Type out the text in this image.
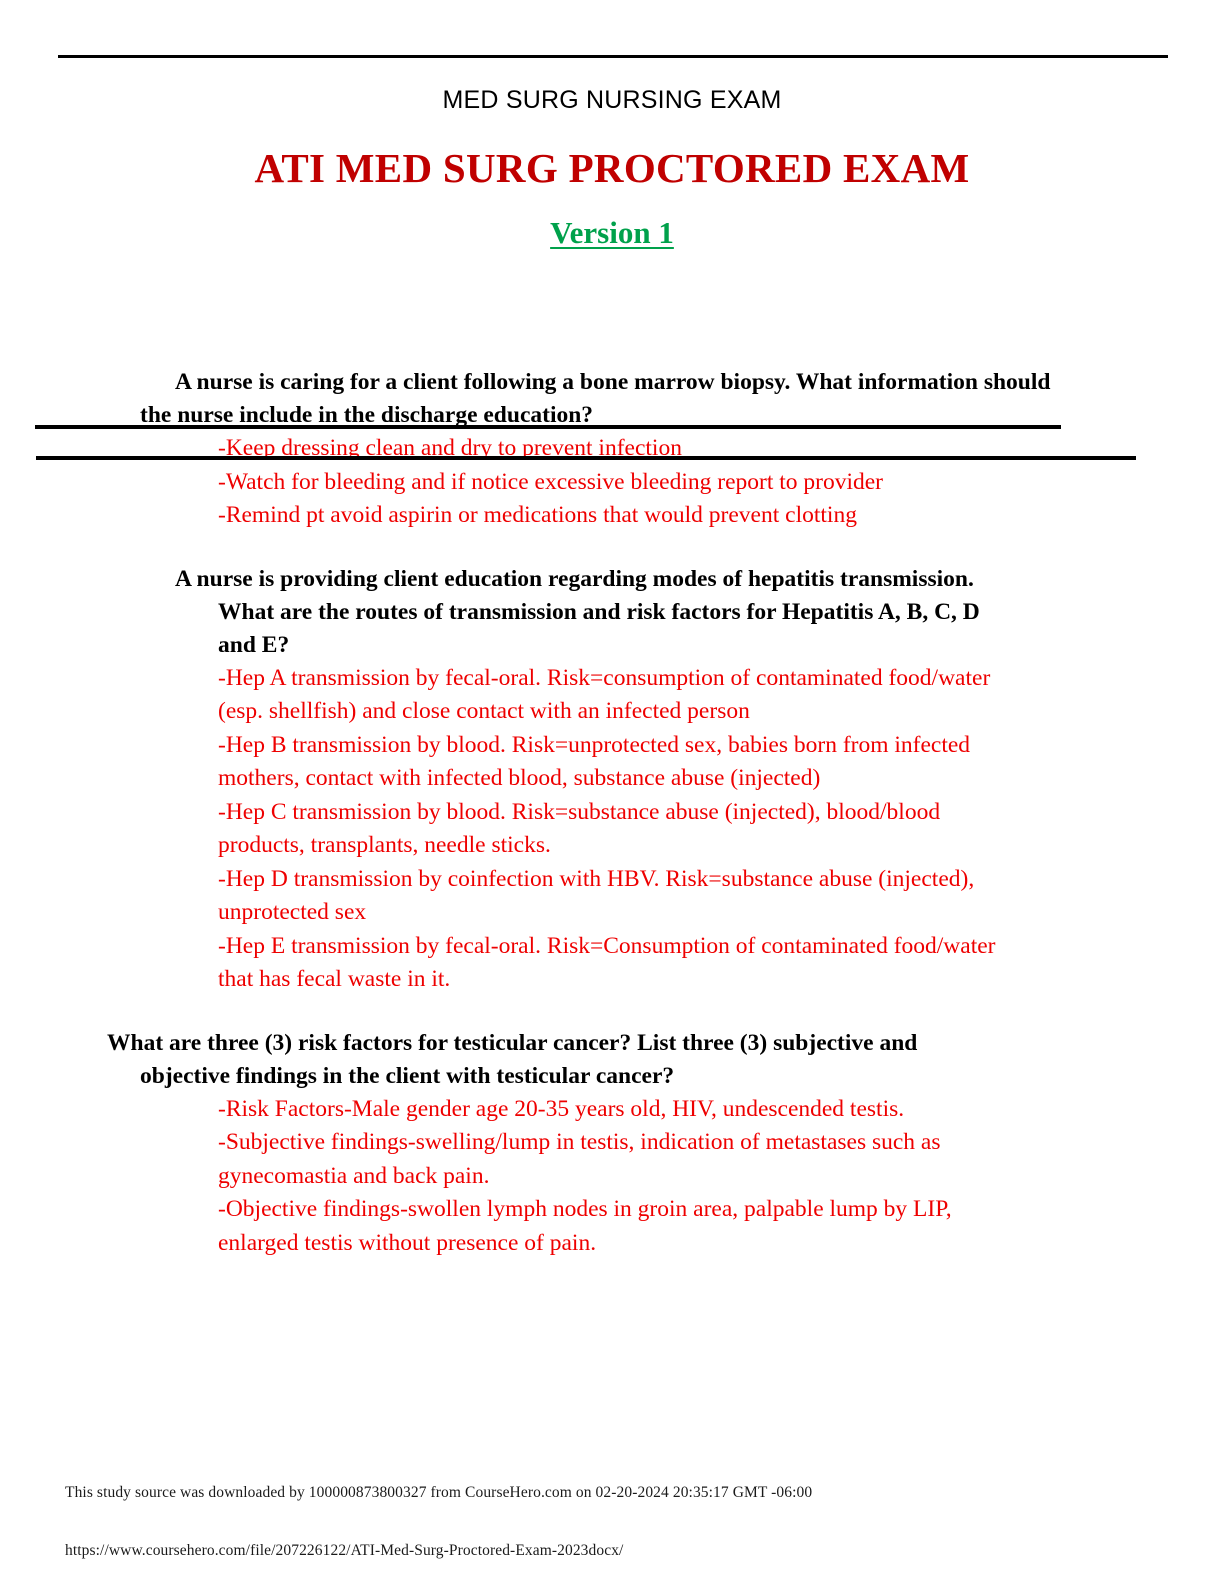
MED SURG NURSING EXAM
ATI MED SURG PROCTORED EXAM
Version 1
A nurse is caring for a client following a bone marrow biopsy. What information should the nurse include in the discharge education?

-Keep dressing clean and dry to prevent infection

-Watch for bleeding and if notice excessive bleeding report to provider

-Remind pt avoid aspirin or medications that would prevent clotting

A nurse is providing client education regarding modes of hepatitis transmission.
What are the routes of transmission and risk factors for Hepatitis A, B, C, D and E?

-Hep A transmission by fecal-oral. Risk=consumption of contaminated food/water (esp. shellfish) and close contact with an infected person

-Hep B transmission by blood. Risk=unprotected sex, babies born from infected mothers, contact with infected blood, substance abuse (injected)

-Hep C transmission by blood. Risk=substance abuse (injected), blood/blood products, transplants, needle sticks.

-Hep D transmission by coinfection with HBV. Risk=substance abuse (injected), unprotected sex

-Hep E transmission by fecal-oral. Risk=Consumption of contaminated food/water that has fecal waste in it.

What are three (3) risk factors for testicular cancer? List three (3) subjective and objective findings in the client with testicular cancer?

-Risk Factors-Male gender age 20-35 years old, HIV, undescended testis.

-Subjective findings-swelling/lump in testis, indication of metastases such as gynecomastia and back pain.

-Objective findings-swollen lymph nodes in groin area, palpable lump by LIP, enlarged testis without presence of pain.

This study source was downloaded by 100000873800327 from CourseHero.com on 02-20-2024 20:35:17 GMT -06:00
https://www.coursehero.com/file/207226122/ATI-Med-Surg-Proctored-Exam-2023docx/
